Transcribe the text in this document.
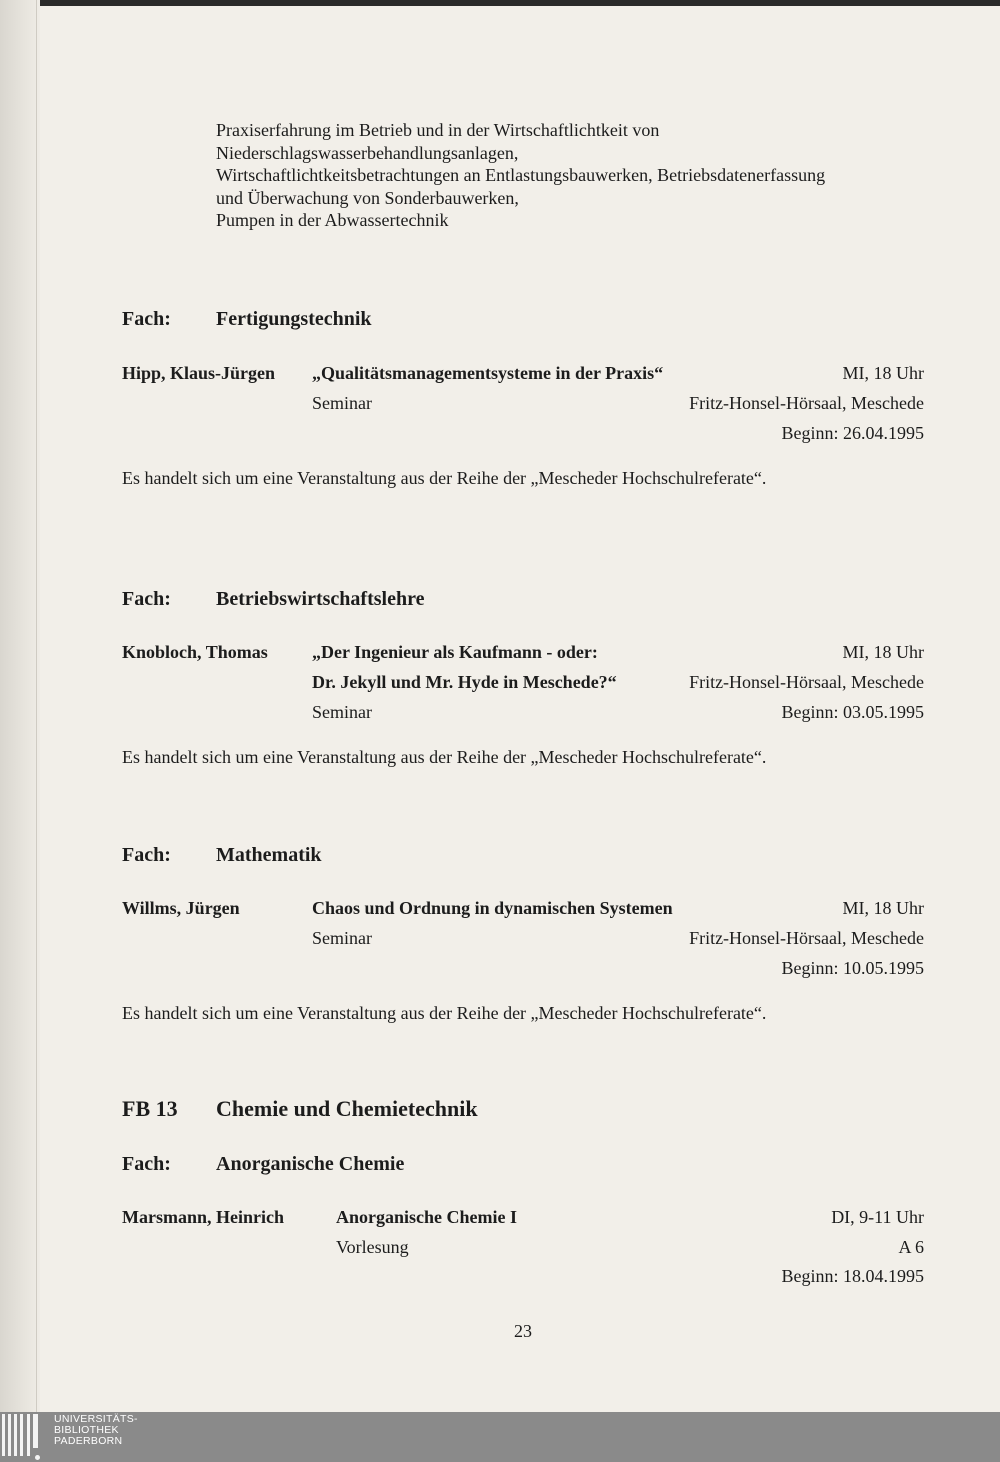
Praxiserfahrung im Betrieb und in der Wirtschaftlichtkeit von
Niederschlagswasserbehandlungsanlagen,
Wirtschaftlichtkeitsbetrachtungen an Entlastungsbauwerken, Betriebsdatenerfassung
und Überwachung von Sonderbauwerken,
Pumpen in der Abwassertechnik
Fach: Fertigungstechnik
Hipp, Klaus-Jürgen „Qualitätsmanagementsysteme in der Praxis“	MI, 18 Uhr
Seminar	Fritz-Honsel-Hörsaal, Meschede
Beginn: 26.04.1995
Es handelt sich um eine Veranstaltung aus der Reihe der „Mescheder Hochschulreferate“.
Fach: Betriebswirtschaftslehre
Knobloch, Thomas „Der Ingenieur als Kaufmann - oder:	MI, 18 Uhr
Dr. Jekyll und Mr. Hyde in Meschede?“	Fritz-Honsel-Hörsaal, Meschede
Seminar	Beginn: 03.05.1995
Es handelt sich um eine Veranstaltung aus der Reihe der „Mescheder Hochschulreferate“.
Fach: Mathematik
Willms, Jürgen	Chaos und Ordnung in dynamischen Systemen	MI, 18 Uhr
Seminar	Fritz-Honsel-Hörsaal, Meschede
Beginn: 10.05.1995
Es handelt sich um eine Veranstaltung aus der Reihe der „Mescheder Hochschulreferate“.
FB 13 Chemie und Chemietechnik
Fach: Anorganische Chemie
Marsmann, Heinrich	Anorganische Chemie I	DI, 9-11 Uhr
Vorlesung	A 6
Beginn: 18.04.1995
23
UNIVERSITÄTS-
BIBLIOTHEK
PADERBORN
